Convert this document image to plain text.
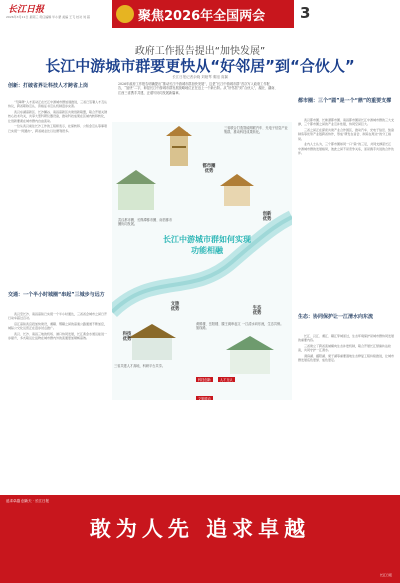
长江日报
2026年3月11日 星期三 责任编辑 毕小蒙 美编 王飞 校对 刘 超	聚焦2026年全国两会 3
政府工作报告提出“加快发展”
长江中游城市群要更快从“好邻居”到“合伙人”
长江日报记者余晓 刘娅琴 秦旭 高翼
2026年政府工作报告明确提出“推动长江中游城市群加快发展”，这是“长江中游城市群”首次写入政府工作报告，“加快”二字，彰显长江中游城市群发展战略地位正在迈上一个新台阶。从“好邻居”到“合伙人”，湖北、湖南、江西三省携手共建，正谱写协同发展新篇章。
创新：打破省界让科技人才跨省上岗

“无障碍”人才流动正在长江中游城市群加速推进，三省已签署人才互认协议，跨省职称互认、资格证书互认机制逐步完善。

武汉东湖高新区、长沙麓谷、南昌高新区共建创新联盟，联合开展关键核心技术攻关，共享大型科研仪器设备，推动科技成果在区域内转移转化，让创新要素在城市群内自由流动。

一位从武汉前往长沙工作的工程师表示，社保转移、公积金互认等事项已实现“一网通办”，跨省就业比以往便利很多。

交通：一个半小时城圈“串起”三城步与远方

武汉至长沙、南昌高铁已实现一个半小时通达，三省省会城市之间日开行动车超过百对。

沿江高铁武宜段加快建设，湘赣、鄂赣之间的高速公路通道不断加密，城际公交化运营正在逐步试点推广。

武汉、长沙、南昌三地的机场、港口协同发展，长江黄金水道运能进一步提升，多式联运让货物在城市群内外的流通更加顺畅高效。

都市圈
优势
创新
优势
文旅
优势	生态
优势
科技
优势
长江中游城市群如何实现功能相融
三省联合打造智能网联汽车、光电子信息产业集群，推动科技成果转化。
武汉都市圈、长株潭都市圈、南昌都市圈协同发展。
黄鹤楼、岳阳楼、滕王阁串起文旅线路。
一江清水向东流，生态共保。
三省共建人才高地，科研平台共享。
科技创新	人才互认 文旅联动
都市圈：三个“圆”是一个“鼎”的重要支撑

武汉都市圈、长株潭都市圈、南昌都市圈是长江中游城市群的三大支撑，三个都市圈之间的产业互补性强，协同空间巨大。

三省之间正在探索共建产业合作园区，推动汽车、光电子信息、装备制造等优势产业链跨省协作，形成“研发在省会、制造在周边”的分工格局。

业内人士认为，三个都市圈如同一口“鼎”的三足，共同支撑起长江中游城市群的发展格局，彼此之间不是竞争关系，而是携手共进的合作伙伴。

生态：协同保护让一江清水向东流

长江、汉江、湘江、赣江穿城而过，生态环境保护是城市群协同发展的重要内容。

三省建立了跨省流域横向生态补偿机制，联合开展长江禁渔执法检查，共同守护一江清水。

洞庭湖、鄱阳湖、梁子湖等重要湿地生态修复工程持续推进，让城市群发展底色更绿、成色更足。

追求卓越 创新天 · 长江日报
敢为人先 追求卓越
长江日报
